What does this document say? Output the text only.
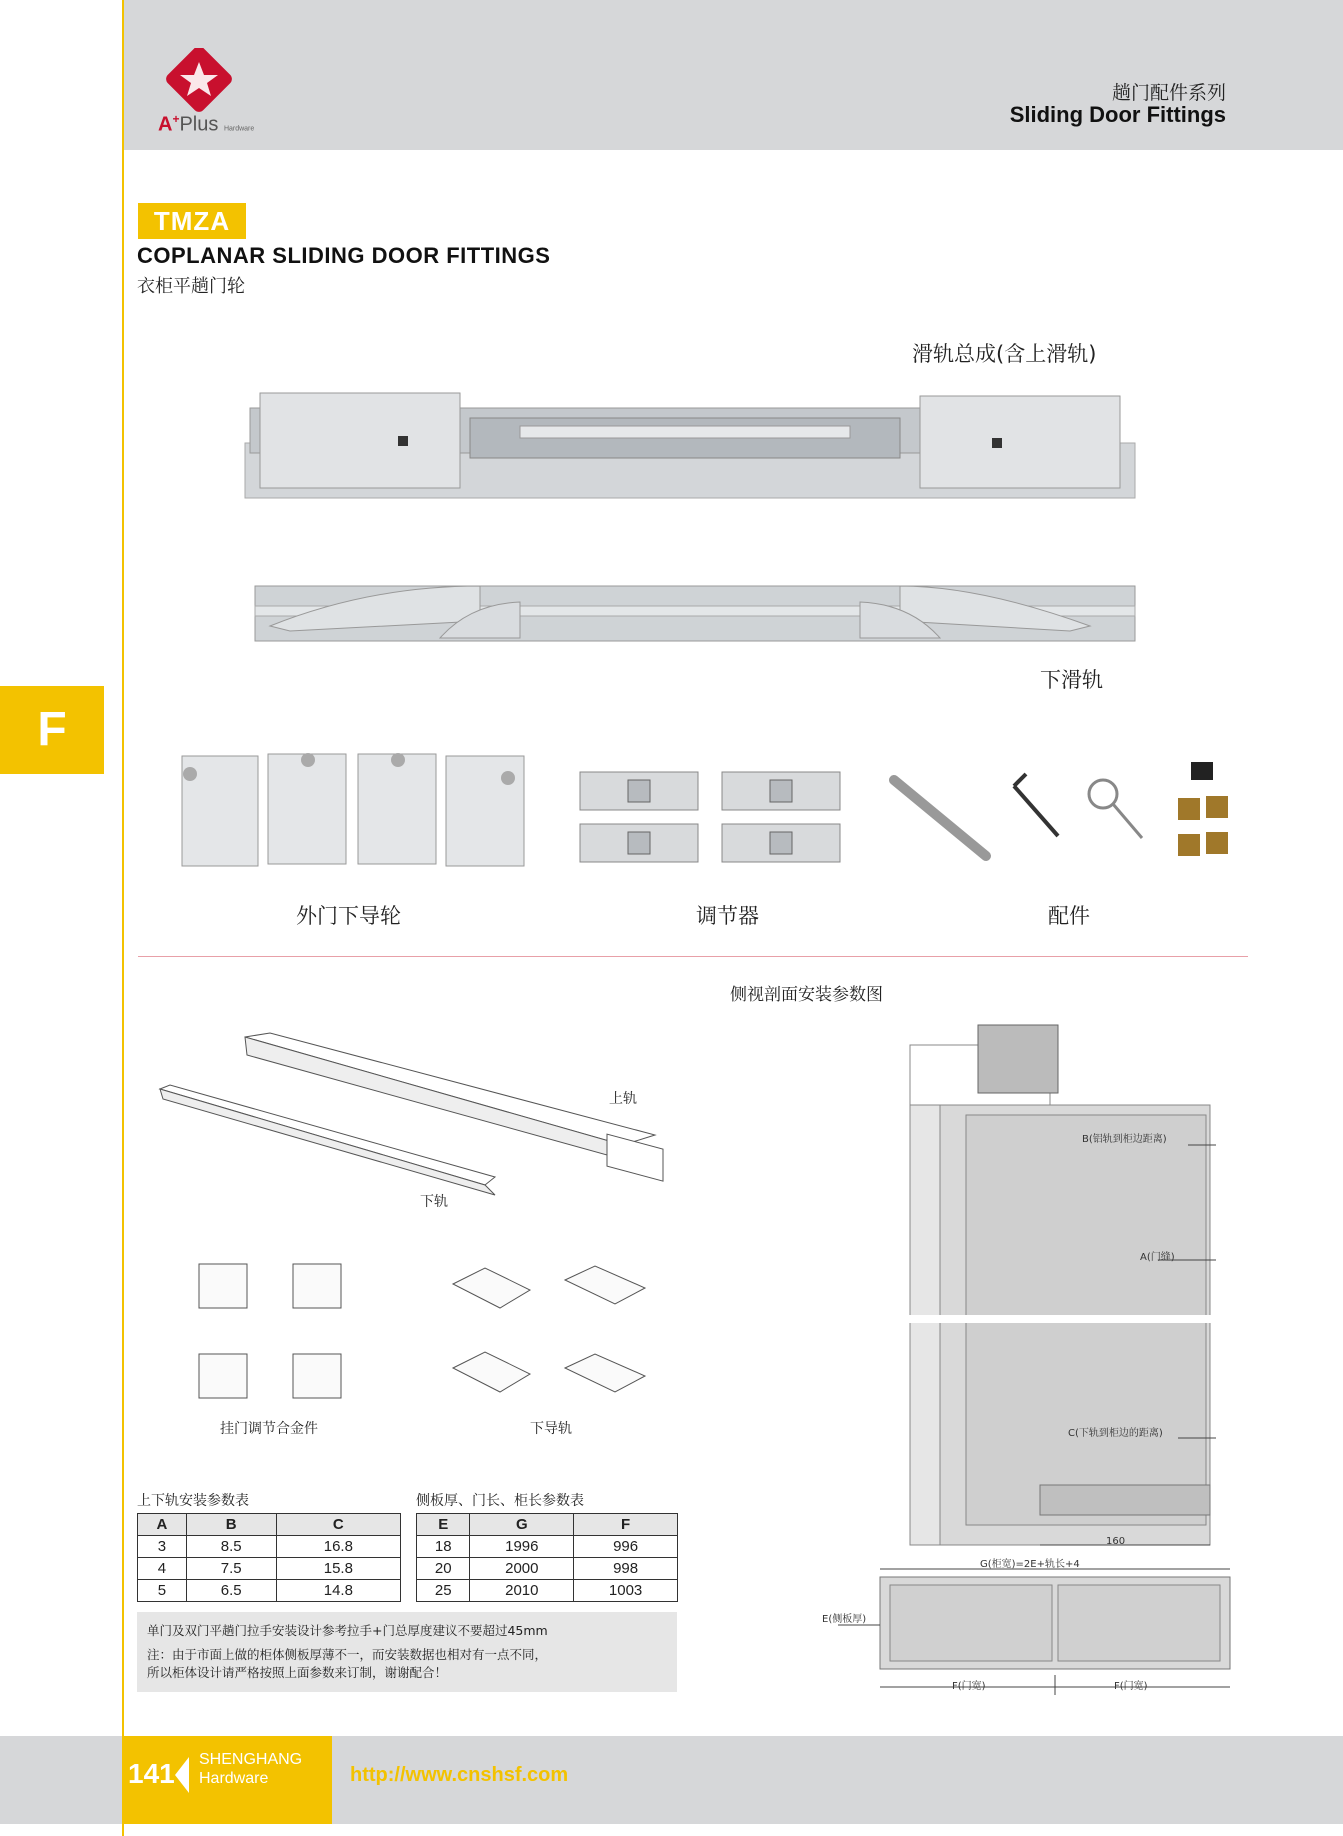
A+Plus Hardware
趟门配件系列
Sliding Door Fittings
TMZA
COPLANAR SLIDING DOOR FITTINGS
衣柜平趟门轮
F
滑轨总成(含上滑轨)
下滑轨
外门下导轮	调节器	配件
侧视剖面安装参数图
上轨
下轨
挂门调节合金件	下导轨
上下轨安装参数表
A	B	C
3	8.5	16.8
4	7.5	15.8
5	6.5	14.8
侧板厚、门长、柜长参数表
E	G	F
18	1996	996
20	2000	998
25	2010	1003

单门及双门平趟门拉手安装设计参考拉手+门总厚度建议不要超过45mm

注：由于市面上做的柜体侧板厚薄不一，而安装数据也相对有一点不同，

所以柜体设计请严格按照上面参数来订制，谢谢配合！

B(铝轨到柜边距离)
A(门缝)
C(下轨到柜边的距离)
160
G(柜宽)=2E+轨长+4
E(侧板厚)
F(门宽)	F(门宽)
141 SHENGHANG
Hardware	http://www.cnshsf.com
